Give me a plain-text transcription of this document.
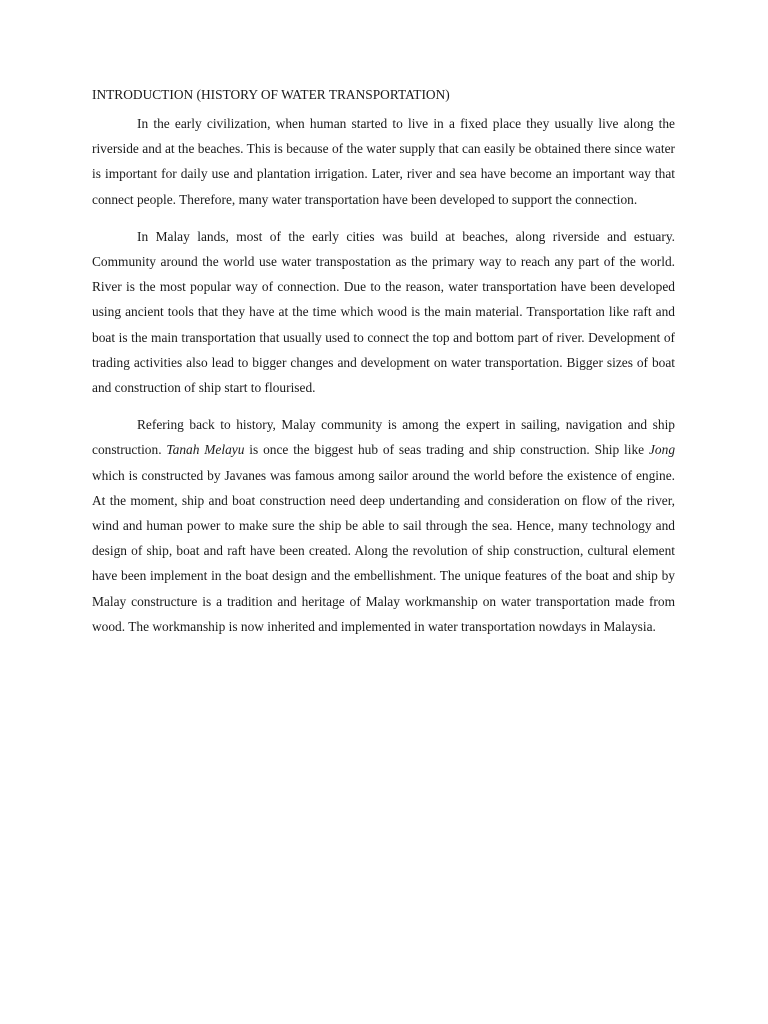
INTRODUCTION (HISTORY OF WATER TRANSPORTATION)

In the early civilization, when human started to live in a fixed place they usually live along the riverside and at the beaches. This is because of the water supply that can easily be obtained there since water is important for daily use and plantation irrigation. Later, river and sea have become an important way that connect people. Therefore, many water transportation have been developed to support the connection.

In Malay lands, most of the early cities was build at beaches, along riverside and estuary. Community around the world use water transpostation as the primary way to reach any part of the world. River is the most popular way of connection. Due to the reason, water transportation have been developed using ancient tools that they have at the time which wood is the main material. Transportation like raft and boat is the main transportation that usually used to connect the top and bottom part of river. Development of trading activities also lead to bigger changes and development on water transportation. Bigger sizes of boat and construction of ship start to flourised.

Refering back to history, Malay community is among the expert in sailing, navigation and ship construction. Tanah Melayu is once the biggest hub of seas trading and ship construction. Ship like Jong which is constructed by Javanes was famous among sailor around the world before the existence of engine. At the moment, ship and boat construction need deep undertanding and consideration on flow of the river, wind and human power to make sure the ship be able to sail through the sea. Hence, many technology and design of ship, boat and raft have been created. Along the revolution of ship construction, cultural element have been implement in the boat design and the embellishment. The unique features of the boat and ship by Malay constructure is a tradition and heritage of Malay workmanship on water transportation made from wood. The workmanship is now inherited and implemented in water transportation nowdays in Malaysia.
